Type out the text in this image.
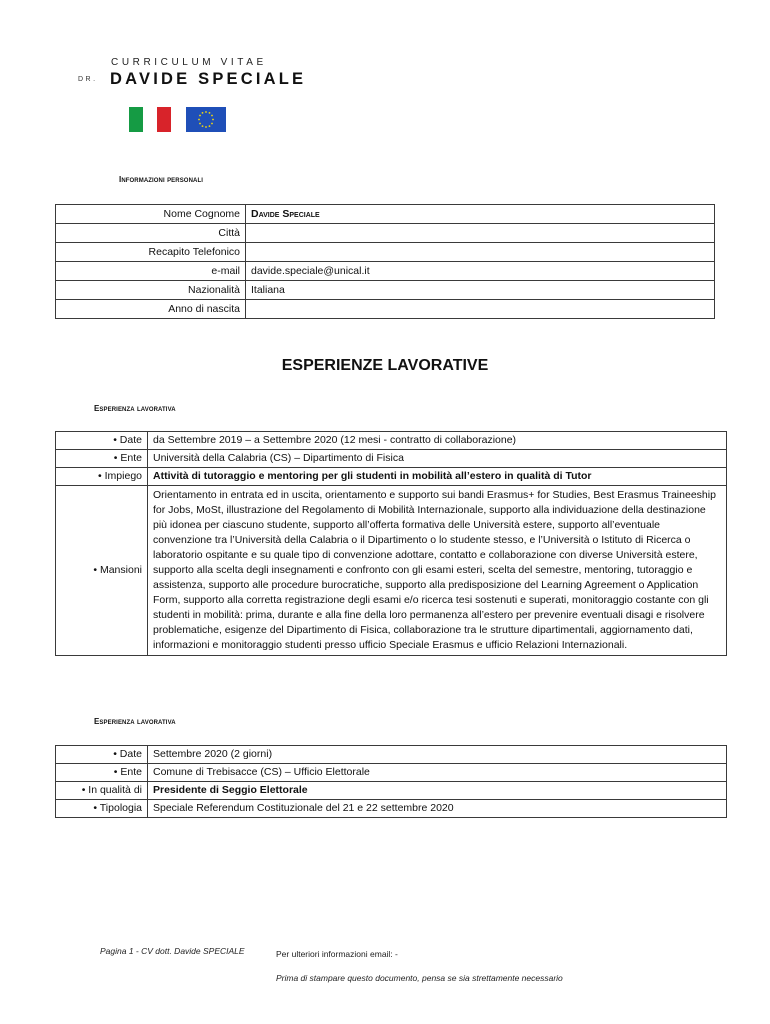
CURRICULUM VITAE
DR. DAVIDE SPECIALE
Informazioni personali
Nome Cognome	Davide Speciale
Città	
Recapito Telefonico	
e-mail	davide.speciale@unical.it
Nazionalità	Italiana
Anno di nascita	
ESPERIENZE LAVORATIVE
Esperienza lavorativa
• Date	da Settembre 2019 – a Settembre 2020 (12 mesi - contratto di collaborazione)
• Ente	Università della Calabria (CS) – Dipartimento di Fisica
• Impiego	Attività di tutoraggio e mentoring per gli studenti in mobilità all’estero in qualità di Tutor
• Mansioni	Orientamento in entrata ed in uscita, orientamento e supporto sui bandi Erasmus+ for Studies, Best Erasmus Traineeship for Jobs, MoSt, illustrazione del Regolamento di Mobilità Internazionale, supporto alla individuazione della destinazione più idonea per ciascuno studente, supporto all’offerta formativa delle Università estere, supporto all’eventuale convenzione tra l’Università della Calabria o il Dipartimento o lo studente stesso, e l’Università o Istituto di Ricerca o laboratorio ospitante e su quale tipo di convenzione adottare, contatto e collaborazione con diverse Università estere, supporto alla scelta degli insegnamenti e confronto con gli esami esteri, scelta del semestre, mentoring, tutoraggio e assistenza, supporto alle procedure burocratiche, supporto alla predisposizione del Learning Agreement o Application Form, supporto alla corretta registrazione degli esami e/o ricerca tesi sostenuti e superati, monitoraggio costante con gli studenti in mobilità: prima, durante e alla fine della loro permanenza all’estero per prevenire eventuali disagi e risolvere problematiche, esigenze del Dipartimento di Fisica, collaborazione tra le strutture dipartimentali, aggiornamento dati, informazioni e monitoraggio studenti presso ufficio Speciale Erasmus e ufficio Relazioni Internazionali.
Esperienza lavorativa
• Date	Settembre 2020 (2 giorni)
• Ente	Comune di Trebisacce (CS) – Ufficio Elettorale
• In qualità di	Presidente di Seggio Elettorale
• Tipologia	Speciale Referendum Costituzionale del 21 e 22 settembre 2020
Pagina 1 - CV dott. Davide SPECIALE	Per ulteriori informazioni email: -
Prima di stampare questo documento, pensa se sia strettamente necessario
